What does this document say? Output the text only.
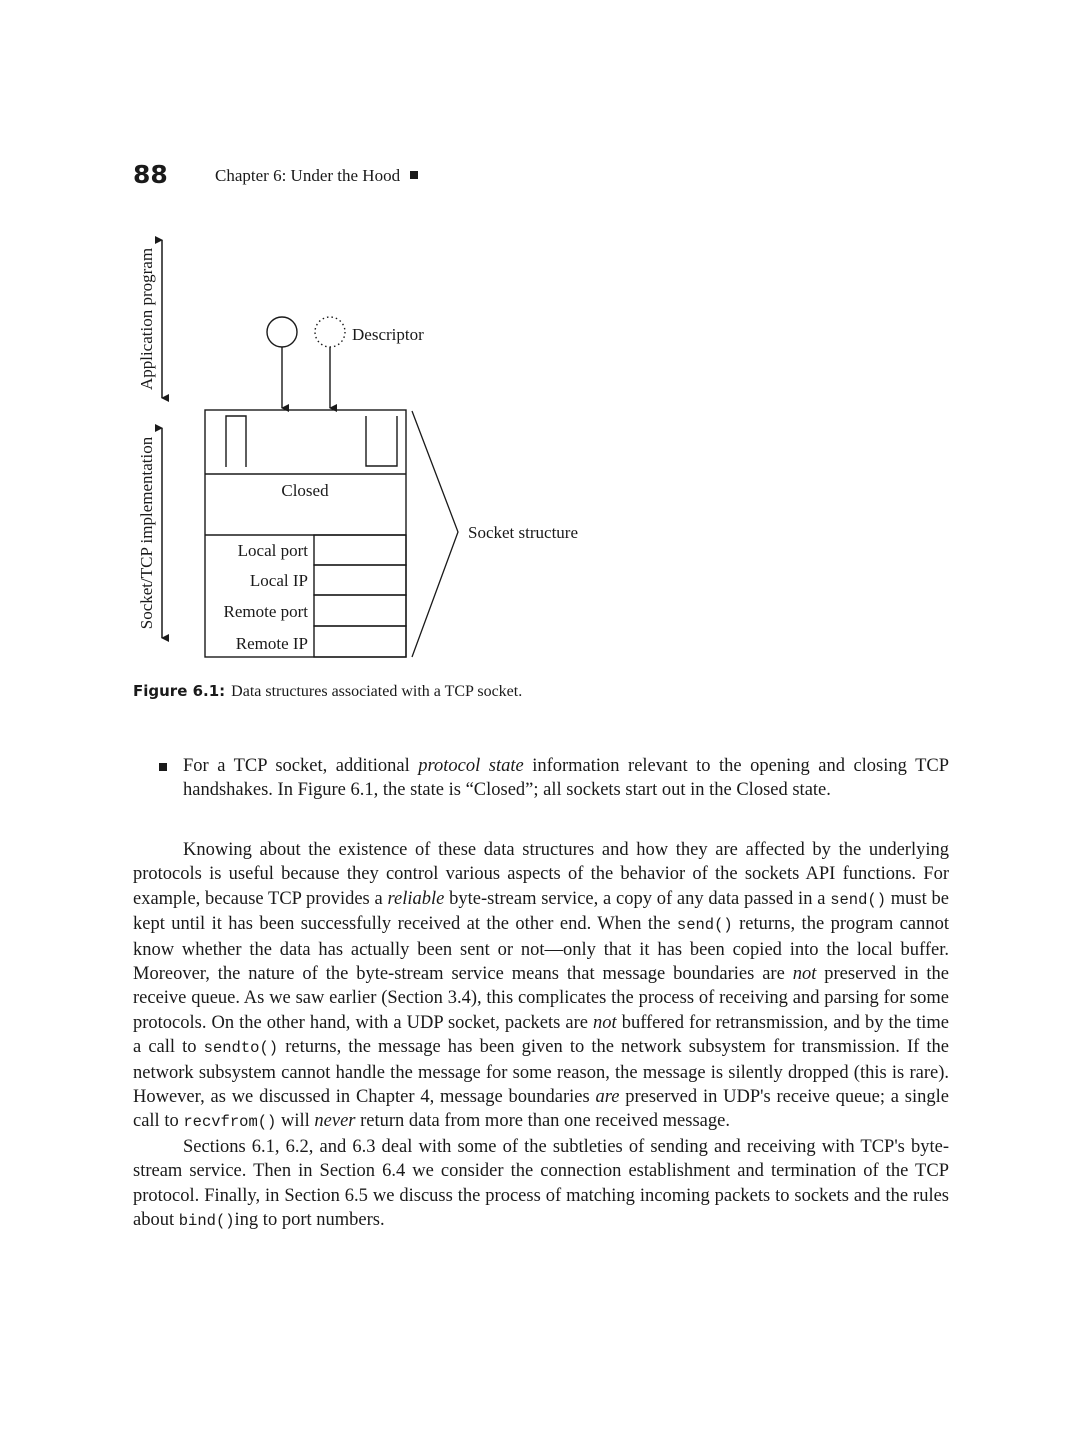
88	Chapter 6: Under the Hood
Application program
Socket/TCP implementation
Descriptor
Closed
Local port
Local IP
Remote port
Remote IP
Socket structure
Figure 6.1: Data structures associated with a TCP socket.
For a TCP socket, additional protocol state information relevant to the opening and closing TCP handshakes. In Figure 6.1, the state is “Closed”; all sockets start out in the Closed state.

Knowing about the existence of these data structures and how they are affected by the underlying protocols is useful because they control various aspects of the behavior of the sockets API functions. For example, because TCP provides a reliable byte-stream service, a copy of any data passed in a send() must be kept until it has been successfully received at the other end. When the send() returns, the program cannot know whether the data has actually been sent or not—only that it has been copied into the local buffer. Moreover, the nature of the byte-stream service means that message boundaries are not preserved in the receive queue. As we saw earlier (Section 3.4), this complicates the process of receiving and parsing for some protocols. On the other hand, with a UDP socket, packets are not buffered for retransmission, and by the time a call to sendto() returns, the message has been given to the network subsystem for transmission. If the network subsystem cannot handle the message for some reason, the message is silently dropped (this is rare). However, as we discussed in Chapter 4, message boundaries are preserved in UDP's receive queue; a single call to recvfrom() will never return data from more than one received message.

Sections 6.1, 6.2, and 6.3 deal with some of the subtleties of sending and receiving with TCP's byte-stream service. Then in Section 6.4 we consider the connection establishment and termination of the TCP protocol. Finally, in Section 6.5 we discuss the process of matching incoming packets to sockets and the rules about bind()ing to port numbers.
